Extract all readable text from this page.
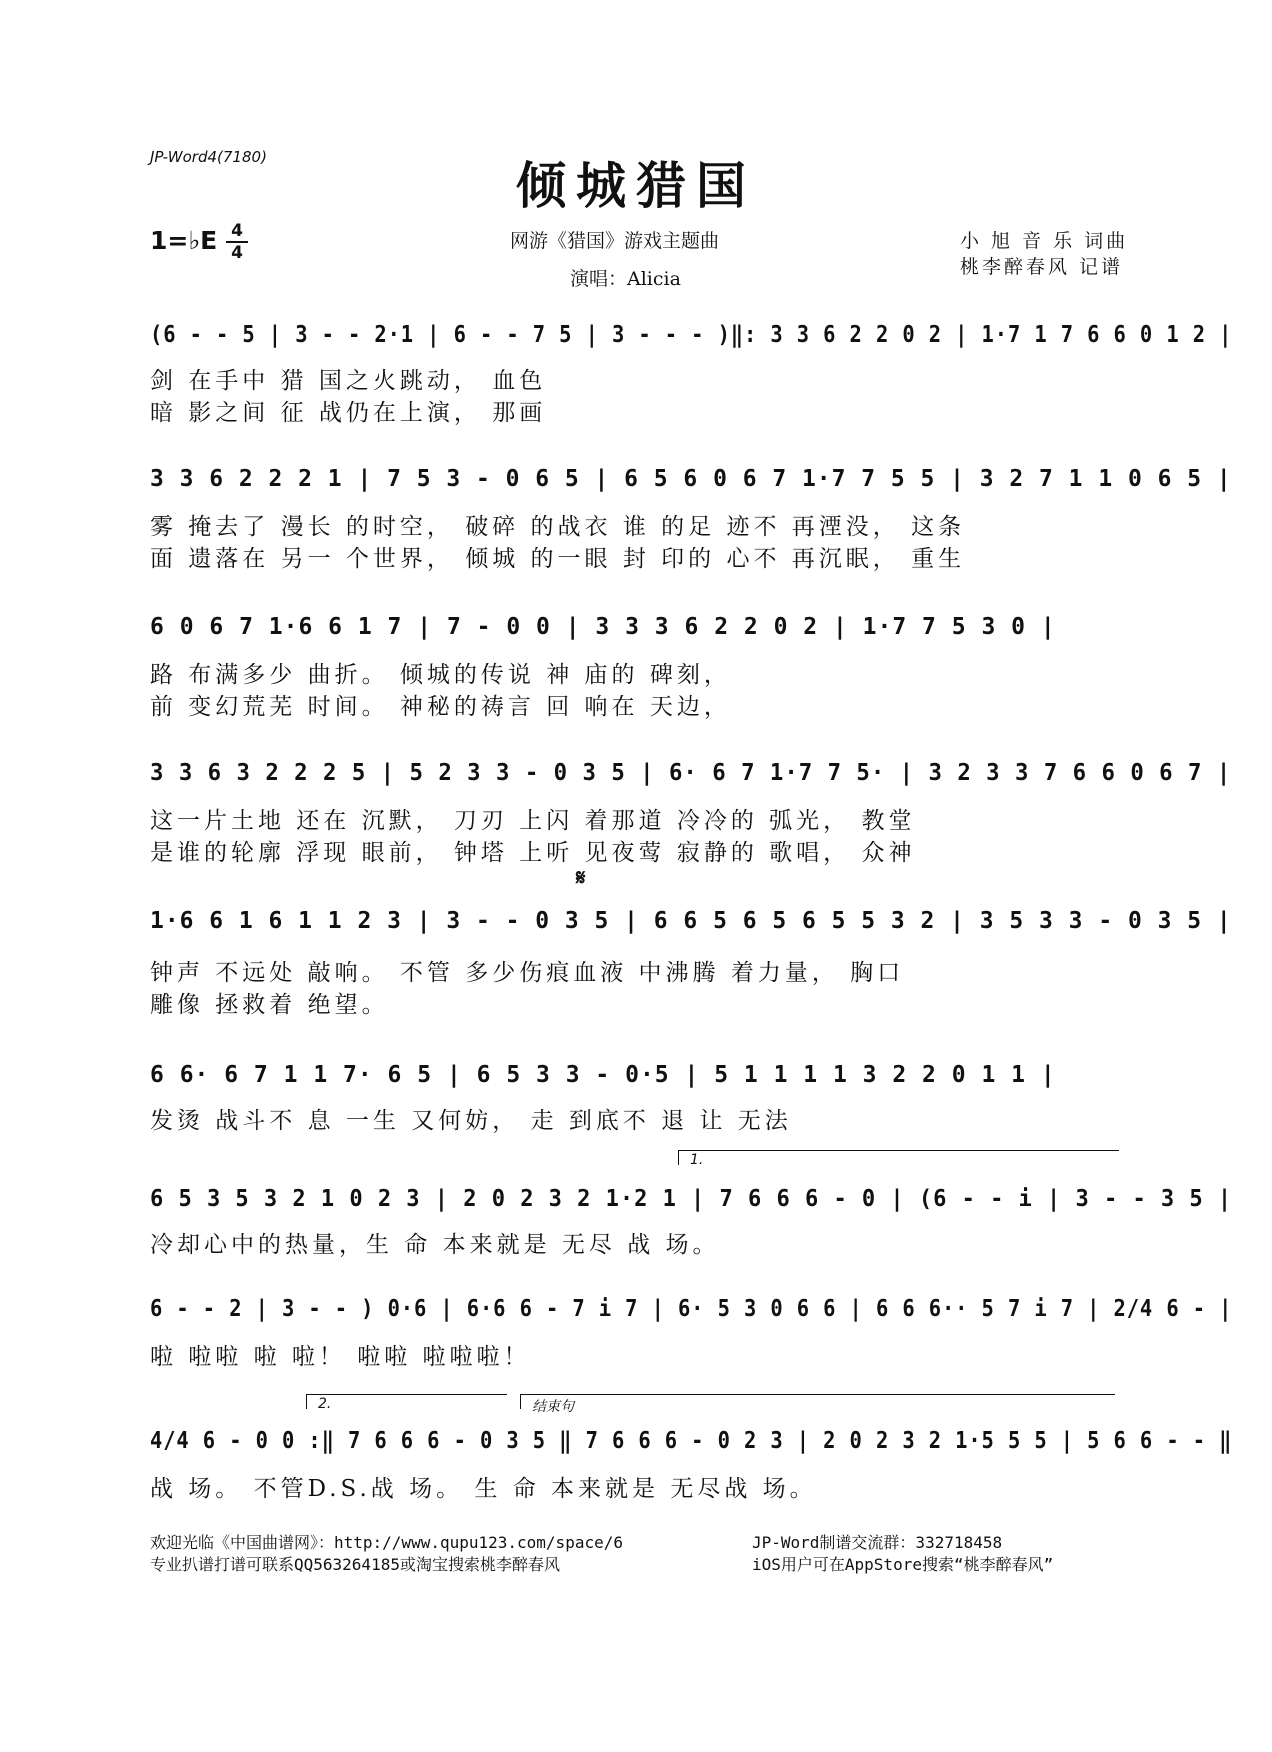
JP-Word4(7180)	倾城猎国
1=♭E 4
4
网游《猎国》游戏主题曲
演唱：Alicia
小 旭 音 乐 词曲
桃李醉春风 记谱
(6 - - 5 | 3 - - 2·1 | 6 - - 7 5 | 3 - - - )‖: 3 3 6 2 2 0 2 | 1·7 1 7 6 6 0 1 2 |
剑 在手中 猎 国之火跳动， 血色
暗 影之间 征 战仍在上演， 那画
3 3 6 2 2 2 1 | 7 5 3 - 0 6 5 | 6 5 6 0 6 7 1·7 7 5 5 | 3 2 7 1 1 0 6 5 |
雾 掩去了 漫长 的时空， 破碎 的战衣 谁 的足 迹不 再湮没， 这条
面 遗落在 另一 个世界， 倾城 的一眼 封 印的 心不 再沉眠， 重生
6 0 6 7 1·6 6 1 7 | 7 - 0 0 | 3 3 3 6 2 2 0 2 | 1·7 7 5 3 0 |
路 布满多少 曲折。 倾城的传说 神 庙的 碑刻，
前 变幻荒芜 时间。 神秘的祷言 回 响在 天边，
3 3 6 3 2 2 2 5 | 5 2 3 3 - 0 3 5 | 6· 6 7 1·7 7 5· | 3 2 3 3 7 6 6 0 6 7 |
这一片土地 还在 沉默， 刀刃 上闪 着那道 冷冷的 弧光， 教堂
是谁的轮廓 浮现 眼前， 钟塔 上听 见夜莺 寂静的 歌唱， 众神
𝄋
1·6 6 1 6 1 1 2 3 | 3 - - 0 3 5 | 6 6 5 6 5 6 5 5 3 2 | 3 5 3 3 - 0 3 5 |
钟声 不远处 敲响。 不管 多少伤痕血液 中沸腾 着力量， 胸口
雕像 拯救着 绝望。
6 6· 6 7 1 1 7· 6 5 | 6 5 3 3 - 0·5 | 5 1 1 1 1 3 2 2 0 1 1 |
发烫 战斗不 息 一生 又何妨， 走 到底不 退 让 无法
1.
6 5 3 5 3 2 1 0 2 3 | 2 0 2 3 2 1·2 1 | 7 6 6 6 - 0 | (6 - - i | 3 - - 3 5 |
冷却心中的热量，生 命 本来就是 无尽 战 场。
6 - - 2 | 3 - - ) 0·6 | 6·6 6 - 7 i 7 | 6· 5 3 0 6 6 | 6 6 6·· 5 7 i 7 | 2/4 6 - |
啦 啦啦 啦 啦！ 啦啦 啦啦啦！
2.	结束句
4/4 6 - 0 0 :‖ 7 6 6 6 - 0 3 5 ‖ 7 6 6 6 - 0 2 3 | 2 0 2 3 2 1·5 5 5 | 5 6 6 - - ‖
战 场。 不管D.S.战 场。 生 命 本来就是 无尽战 场。
欢迎光临《中国曲谱网》：http://www.qupu123.com/space/6
专业扒谱打谱可联系QQ563264185或淘宝搜索桃李醉春风
JP-Word制谱交流群：332718458
iOS用户可在AppStore搜索“桃李醉春风”
